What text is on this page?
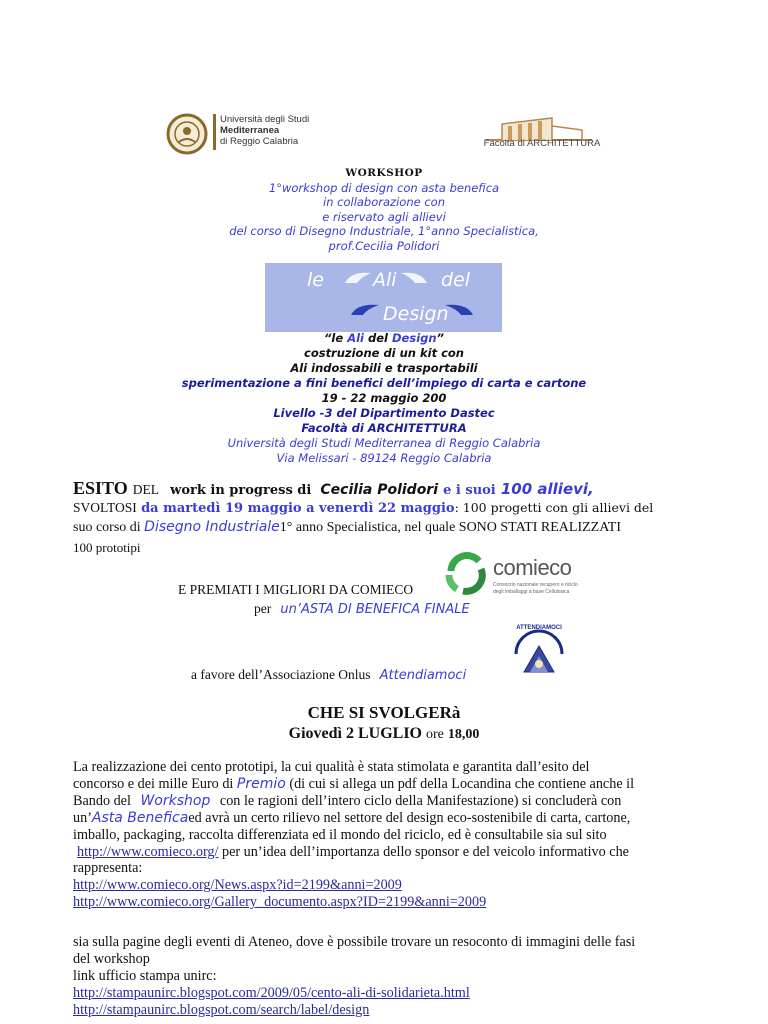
Università degli Studi
Mediterranea
di Reggio Calabria	Facoltà di ARCHITETTURA
WORKSHOP
1°workshop di design con asta benefica
in collaborazione con
e riservato agli allievi
del corso di Disegno Industriale, 1°anno Specialistica,
prof.Cecilia Polidori
le	Ali del
Design
“le Ali del Design”
costruzione di un kit con
Ali indossabili e trasportabili
sperimentazione a fini benefici dell’impiego di carta e cartone
19 - 22 maggio 200
Livello -3 del Dipartimento Dastec
Facoltà di ARCHITETTURA
Università degli Studi Mediterranea di Reggio Calabria
Via Melissari - 89124 Reggio Calabria
ESITO DEL work in progress di Cecilia Polidori e i suoi 100 allievi,
SVOLTOSI da martedì 19 maggio a venerdì 22 maggio: 100 progetti con gli allievi del
suo corso di Disegno Industriale1° anno Specialistica, nel quale SONO STATI REALIZZATI
100 prototipi
E PREMIATI I MIGLIORI DA COMIECO
comieco
Consorzio nazionale recupero e riciclo
degli imballaggi a base Cellulosica
per un’ASTA DI BENEFICA FINALE
ATTENDIAMOCI
a favore dell’Associazione Onlus Attendiamoci
CHE SI SVOLGERà
Giovedì 2 LUGLIO ore 18,00
La realizzazione dei cento prototipi, la cui qualità è stata stimolata e garantita dall’esito del
concorso e dei mille Euro di Premio (di cui si allega un pdf della Locandina che contiene anche il
Bando del Workshop con le ragioni dell’intero ciclo della Manifestazione) si concluderà con
un’Asta Beneficaed avrà un certo rilievo nel settore del design eco-sostenibile di carta, cartone,
imballo, packaging, raccolta differenziata ed il mondo del riciclo, ed è consultabile sia sul sito
http://www.comieco.org/ per un’idea dell’importanza dello sponsor e del veicolo informativo che
rappresenta:
http://www.comieco.org/News.aspx?id=2199&anni=2009
http://www.comieco.org/Gallery_documento.aspx?ID=2199&anni=2009
sia sulla pagine degli eventi di Ateneo, dove è possibile trovare un resoconto di immagini delle fasi
del workshop
link ufficio stampa unirc:
http://stampaunirc.blogspot.com/2009/05/cento-ali-di-solidarieta.html
http://stampaunirc.blogspot.com/search/label/design
